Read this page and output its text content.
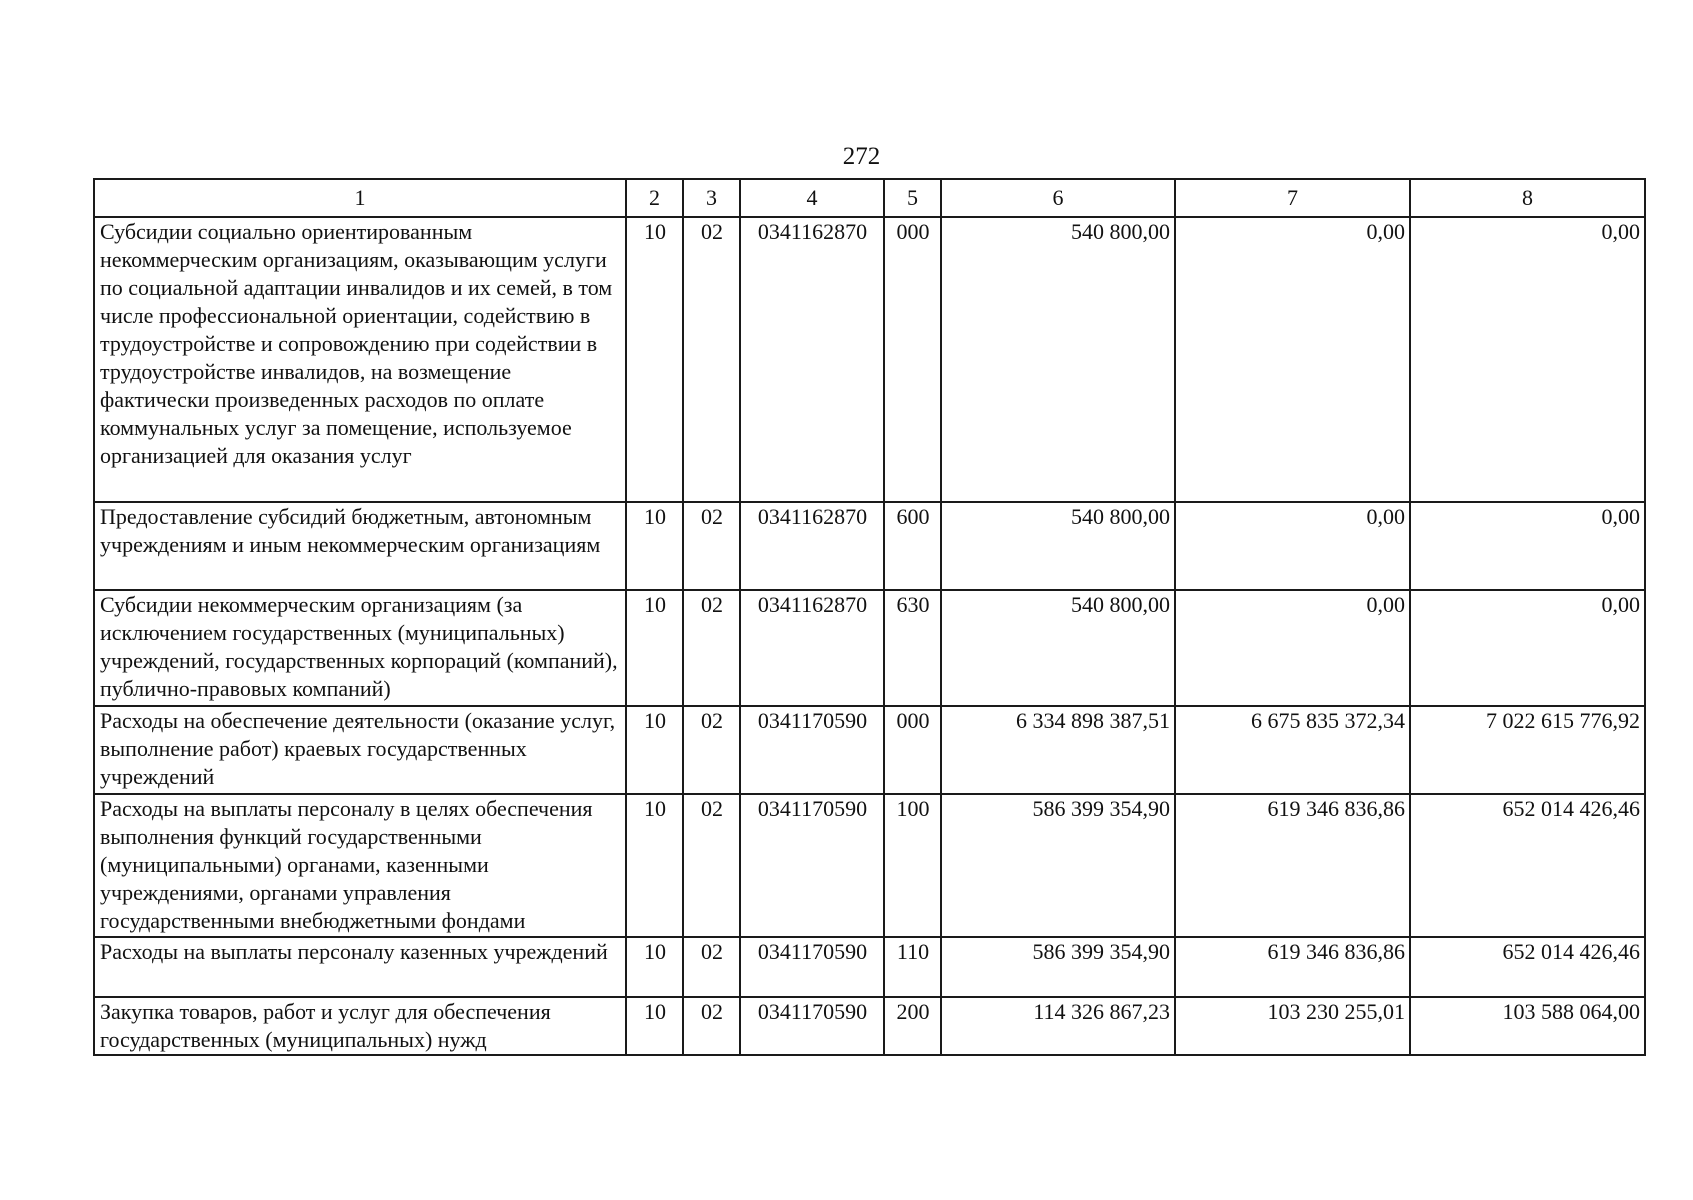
272
1	2	3	4	5	6	7	8
Субсидии социально ориентированным некоммерческим организациям, оказывающим услуги по социальной адаптации инвалидов и их семей, в том числе профессиональной ориентации, содействию в трудоустройстве и сопровождению при содействии в трудоустройстве инвалидов, на возмещение фактически произведенных расходов по оплате коммунальных услуг за помещение, используемое организацией для оказания услуг	10	02	0341162870	000	540 800,00	0,00	0,00
Предоставление субсидий бюджетным, автономным учреждениям и иным некоммерческим организациям	10	02	0341162870	600	540 800,00	0,00	0,00
Субсидии некоммерческим организациям (за исключением государственных (муниципальных) учреждений, государственных корпораций (компаний), публично-правовых компаний)	10	02	0341162870	630	540 800,00	0,00	0,00
Расходы на обеспечение деятельности (оказание услуг, выполнение работ) краевых государственных учреждений	10	02	0341170590	000	6 334 898 387,51	6 675 835 372,34	7 022 615 776,92
Расходы на выплаты персоналу в целях обеспечения выполнения функций государственными (муниципальными) органами, казенными учреждениями, органами управления государственными внебюджетными фондами	10	02	0341170590	100	586 399 354,90	619 346 836,86	652 014 426,46
Расходы на выплаты персоналу казенных учреждений	10	02	0341170590	110	586 399 354,90	619 346 836,86	652 014 426,46
Закупка товаров, работ и услуг для обеспечения государственных (муниципальных) нужд	10	02	0341170590	200	114 326 867,23	103 230 255,01	103 588 064,00
